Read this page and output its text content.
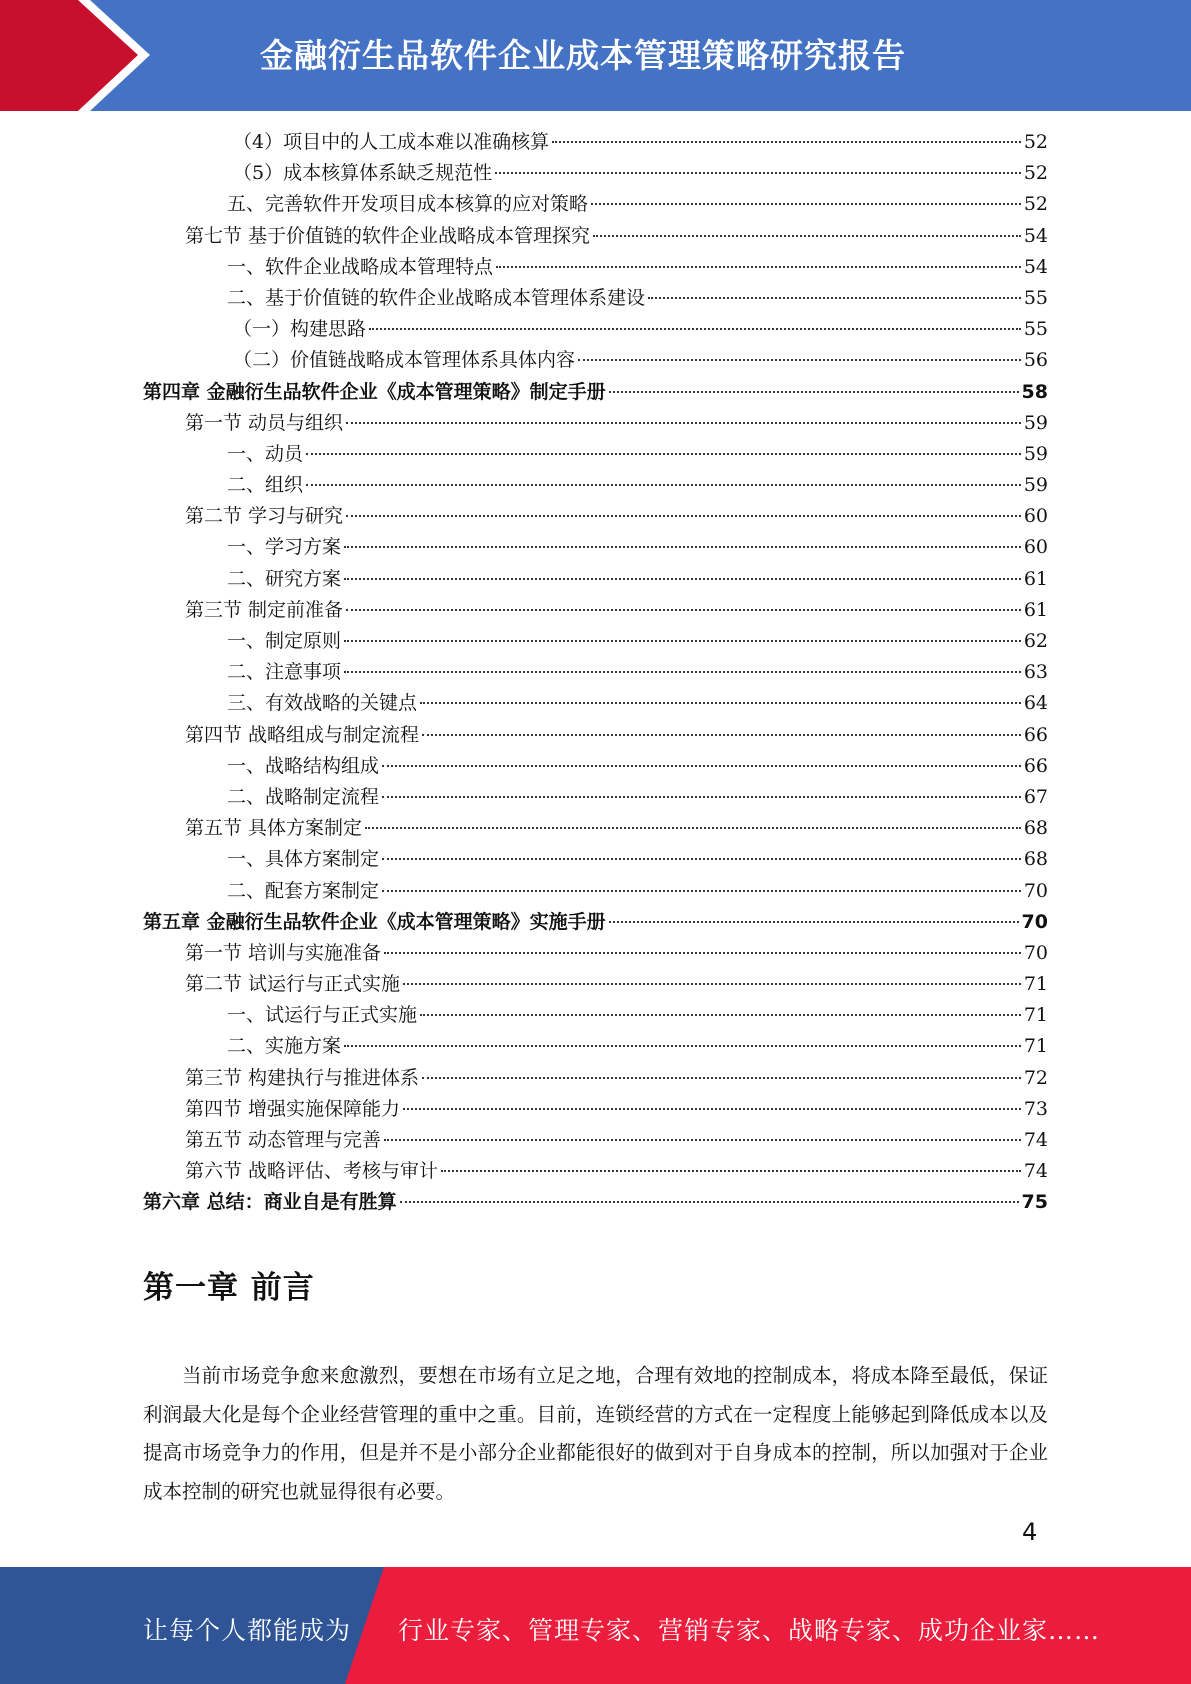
金融衍生品软件企业成本管理策略研究报告
（4）项目中的人工成本难以准确核算	52
（5）成本核算体系缺乏规范性	52
五、完善软件开发项目成本核算的应对策略	52
第七节 基于价值链的软件企业战略成本管理探究	54
一、软件企业战略成本管理特点	54
二、基于价值链的软件企业战略成本管理体系建设	55
（一）构建思路	55
（二）价值链战略成本管理体系具体内容	56
第四章 金融衍生品软件企业《成本管理策略》制定手册	58
第一节 动员与组织	59
一、动员	59
二、组织	59
第二节 学习与研究	60
一、学习方案	60
二、研究方案	61
第三节 制定前准备	61
一、制定原则	62
二、注意事项	63
三、有效战略的关键点	64
第四节 战略组成与制定流程	66
一、战略结构组成	66
二、战略制定流程	67
第五节 具体方案制定	68
一、具体方案制定	68
二、配套方案制定	70
第五章 金融衍生品软件企业《成本管理策略》实施手册	70
第一节 培训与实施准备	70
第二节 试运行与正式实施	71
一、试运行与正式实施	71
二、实施方案	71
第三节 构建执行与推进体系	72
第四节 增强实施保障能力	73
第五节 动态管理与完善	74
第六节 战略评估、考核与审计	74
第六章 总结：商业自是有胜算	75
第一章 前言
当前市场竞争愈来愈激烈，要想在市场有立足之地，合理有效地的控制成本，将成本降至最低，保证利润最大化是每个企业经营管理的重中之重。目前，连锁经营的方式在一定程度上能够起到降低成本以及提高市场竞争力的作用，但是并不是小部分企业都能很好的做到对于自身成本的控制，所以加强对于企业成本控制的研究也就显得很有必要。
4
让每个人都能成为 行业专家、管理专家、营销专家、战略专家、成功企业家……
